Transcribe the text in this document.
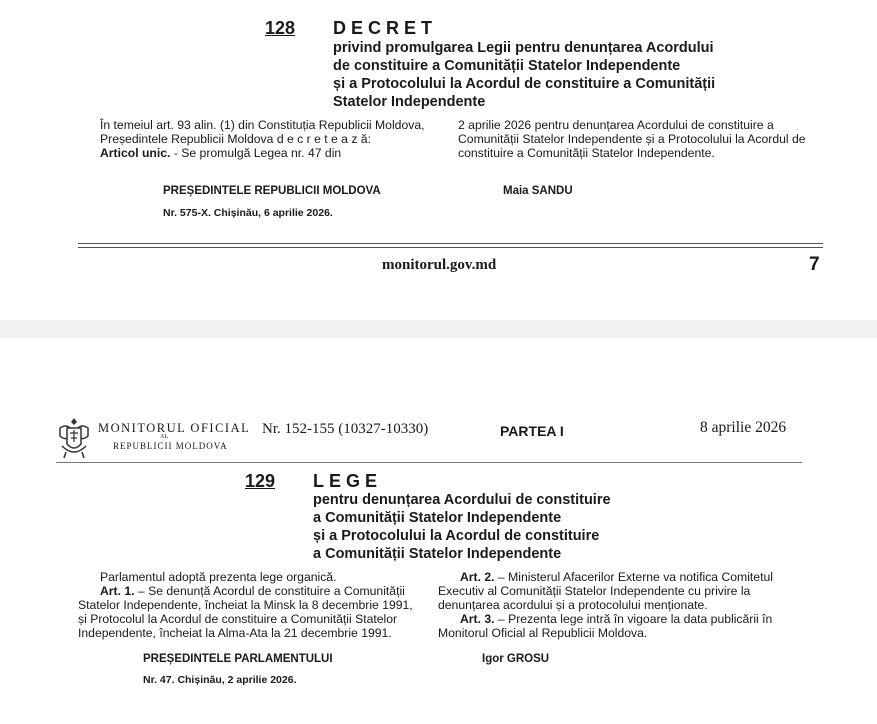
128 DECRET
privind promulgarea Legii pentru denunțarea Acordului
de constituire a Comunității Statelor Independente
și a Protocolului la Acordul de constituire a Comunității
Statelor Independente

În temeiul art. 93 alin. (1) din Constituția Republicii Moldova,

Președintele Republicii Moldova d e c r e t e a z ă:

Articol unic. - Se promulgă Legea nr. 47 din

2 aprilie 2026 pentru denunțarea Acordului de constituire a Comunității Statelor Independente și a Protocolului la Acordul de constituire a Comunității Statelor Independente.

PREȘEDINTELE REPUBLICII MOLDOVA	Maia SANDU
Nr. 575-X. Chișinău, 6 aprilie 2026.
monitorul.gov.md	7
MONITORUL OFICIAL
AL
REPUBLICII MOLDOVA
Nr. 152-155 (10327-10330)	PARTEA I	8 aprilie 2026
129 LEGE
pentru denunțarea Acordului de constituire
a Comunității Statelor Independente
și a Protocolului la Acordul de constituire
a Comunității Statelor Independente

Parlamentul adoptă prezenta lege organică.

Art. 1. – Se denunță Acordul de constituire a Comunității Statelor Independente, încheiat la Minsk la 8 decembrie 1991, și Protocolul la Acordul de constituire a Comunității Statelor Independente, încheiat la Alma-Ata la 21 decembrie 1991.

Art. 2. – Ministerul Afacerilor Externe va notifica Comitetul Executiv al Comunității Statelor Independente cu privire la denunțarea acordului și a protocolului menționate.

Art. 3. – Prezenta lege intră în vigoare la data publicării în Monitorul Oficial al Republicii Moldova.

PREȘEDINTELE PARLAMENTULUI	Igor GROSU
Nr. 47. Chișinău, 2 aprilie 2026.
